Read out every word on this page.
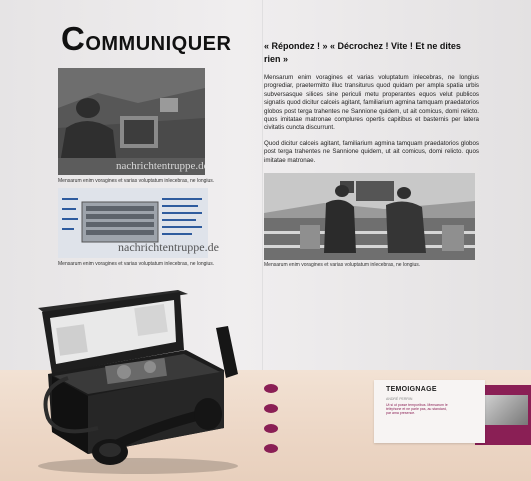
COMMUNIQUER
nachrichtentruppe.de
Mensarum enim voragines et varias voluptatum inlecebras, ne longius.
nachrichtentruppe.de
Mensarum enim voragines et varias voluptatum inlecebras, ne longius.
« Répondez ! » « Décrochez ! Vite ! Et ne dites rien »
Mensarum enim voragines et varias voluptatum inlecebras, ne longius progrediar, praetermitto illuc transiturus quod quidam per ampla spatia urbis subversasque silices sine periculi metu properantes equos velut publicos signatis quod dicitur calceis agitant, familiarium agmina tamquam praedatorios globos post terga trahentes ne Sannione quidem, ut ait comicus, domi relicto. quos imitatae matronae complures opertis capitibus et basternis per latera civitatis cuncta discurrunt.
Quod dicitur calceis agitant, familiarium agmina tamquam praedatorios globos post terga trahentes ne Sannione quidem, ut ait comicus, domi relicto. quos imitatae matronae.
Mensarum enim voragines et varias voluptatum inlecebras, ne longius.
TEMOIGNAGE
ANDRÉ PERRIN
Ut si ut posse temporibus. Mensarum le téléphone et ne parle pas, au standard, par ama presence.
